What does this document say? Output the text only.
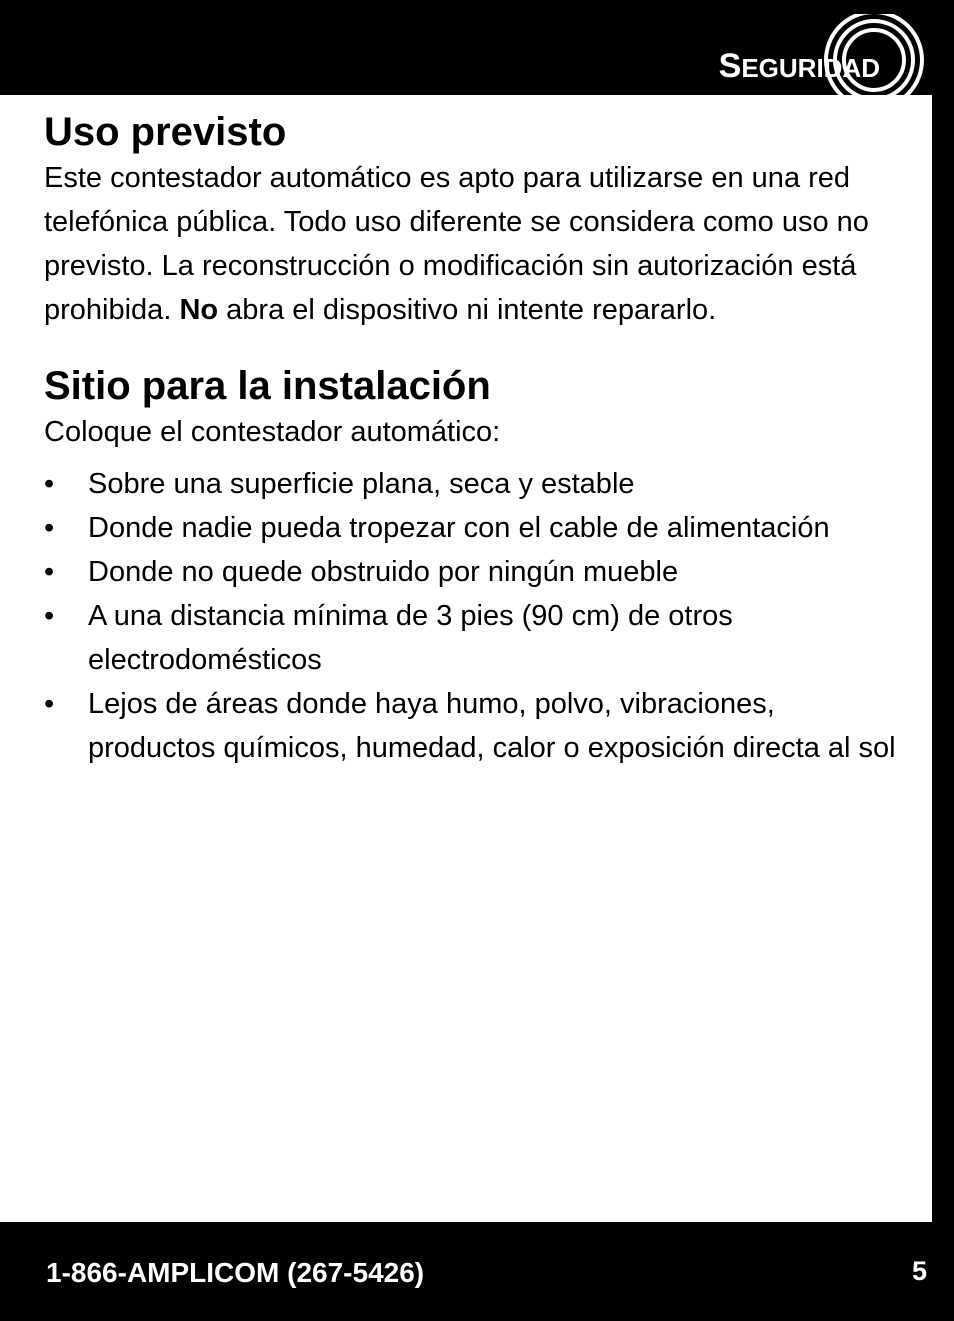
SEGURIDAD
Uso previsto

Este contestador automático es apto para utilizarse en una red telefónica pública. Todo uso diferente se considera como uso no previsto. La reconstrucción o modificación sin autorización está prohibida. No abra el dispositivo ni intente repararlo.

Sitio para la instalación

Coloque el contestador automático:

• Sobre una superficie plana, seca y estable
• Donde nadie pueda tropezar con el cable de alimentación
• Donde no quede obstruido por ningún mueble
• A una distancia mínima de 3 pies (90 cm) de otros electrodomésticos
• Lejos de áreas donde haya humo, polvo, vibraciones, productos químicos, humedad, calor o exposición directa al sol
1-866-AMPLICOM (267-5426)	5
